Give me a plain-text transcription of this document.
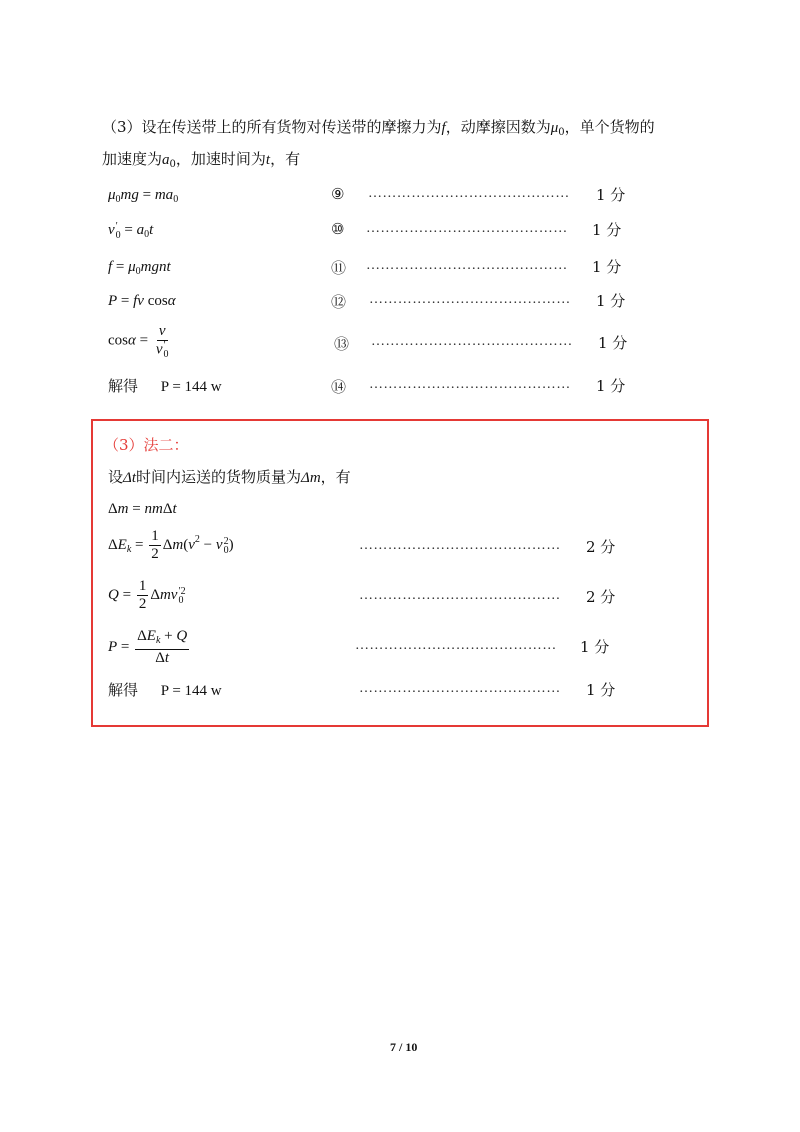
（3）设在传送带上的所有货物对传送带的摩擦力为f，动摩擦因数为$\mu_0$，单个货物的
加速度为$a_0$，加速时间为t，有
$\mu_0mg = ma_0$	⑨ …………………………………… 1 分
v ′
$0 = a_0t$	⑩ …………………………………… 1 分
$f = \mu_0mgnt$	⑪ …………………………………… 1 分
P = fv cosα	⑫ …………………………………… 1 分
cosα = v
v ′
0	⑬ …………………………………… 1 分
解得 P = 144 w	⑭ …………………………………… 1 分
（3）法二：
设Δt时间内运送的货物质量为Δm，有
Δm = nmΔt
$\Delta E_k = \frac{1}{2} \Delta m(v^2 - v$ 2
0 )	…………………………………… 2 分
$Q = \frac{1}{2}$ Δmv ′2
0	…………………………………… 2 分
$P = \frac{\Delta E_k + Q}{\Delta t}$	…………………………………… 1 分
解得 P = 144 w	…………………………………… 1 分
7 / 10
